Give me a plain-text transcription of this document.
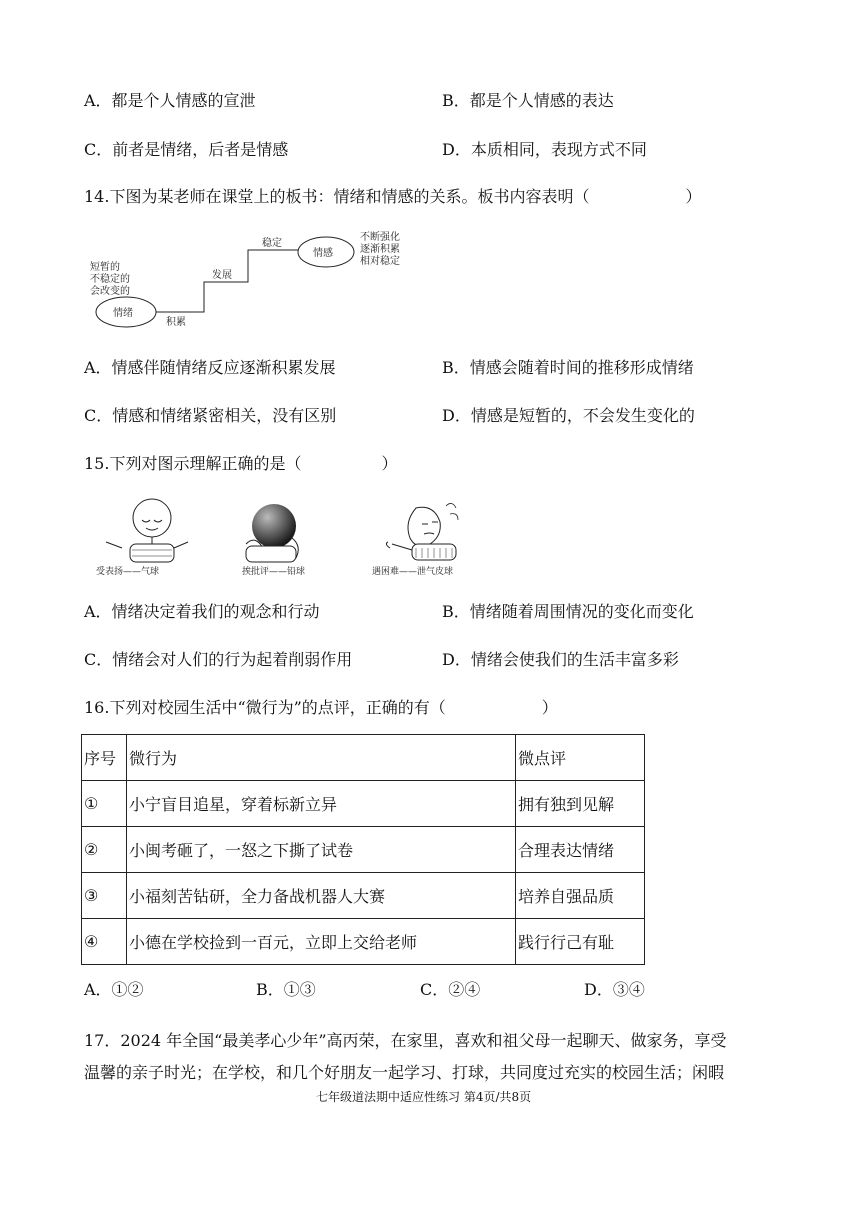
A．都是个人情感的宣泄	B．都是个人情感的表达
C．前者是情绪，后者是情感	D．本质相同，表现方式不同
14.下图为某老师在课堂上的板书：情绪和情感的关系。板书内容表明（　　　　　　）
短暂的
不稳定的
会改变的
情绪
积累
发展
稳定
情感
不断强化
逐渐积累
相对稳定
A．情感伴随情绪反应逐渐积累发展	B．情感会随着时间的推移形成情绪
C．情感和情绪紧密相关，没有区别	D．情感是短暂的，不会发生变化的
15.下列对图示理解正确的是（　　　　　）
受表扬——气球	挨批评——铅球	遇困难——泄气皮球
A．情绪决定着我们的观念和行动	B．情绪随着周围情况的变化而变化
C．情绪会对人们的行为起着削弱作用	D．情绪会使我们的生活丰富多彩
16.下列对校园生活中“微行为”的点评，正确的有（　　　　　　）
序号	微行为	微点评
①	小宁盲目追星，穿着标新立异	拥有独到见解
②	小闽考砸了，一怒之下撕了试卷	合理表达情绪
③	小福刻苦钻研，全力备战机器人大赛	培养自强品质
④	小德在学校捡到一百元，立即上交给老师	践行行己有耻
A．①②	B．①③	C．②④	D．③④
17．2024 年全国“最美孝心少年”高丙荣，在家里，喜欢和祖父母一起聊天、做家务，享受
温馨的亲子时光；在学校，和几个好朋友一起学习、打球，共同度过充实的校园生活；闲暇
七年级道法期中适应性练习 第4页/共8页
